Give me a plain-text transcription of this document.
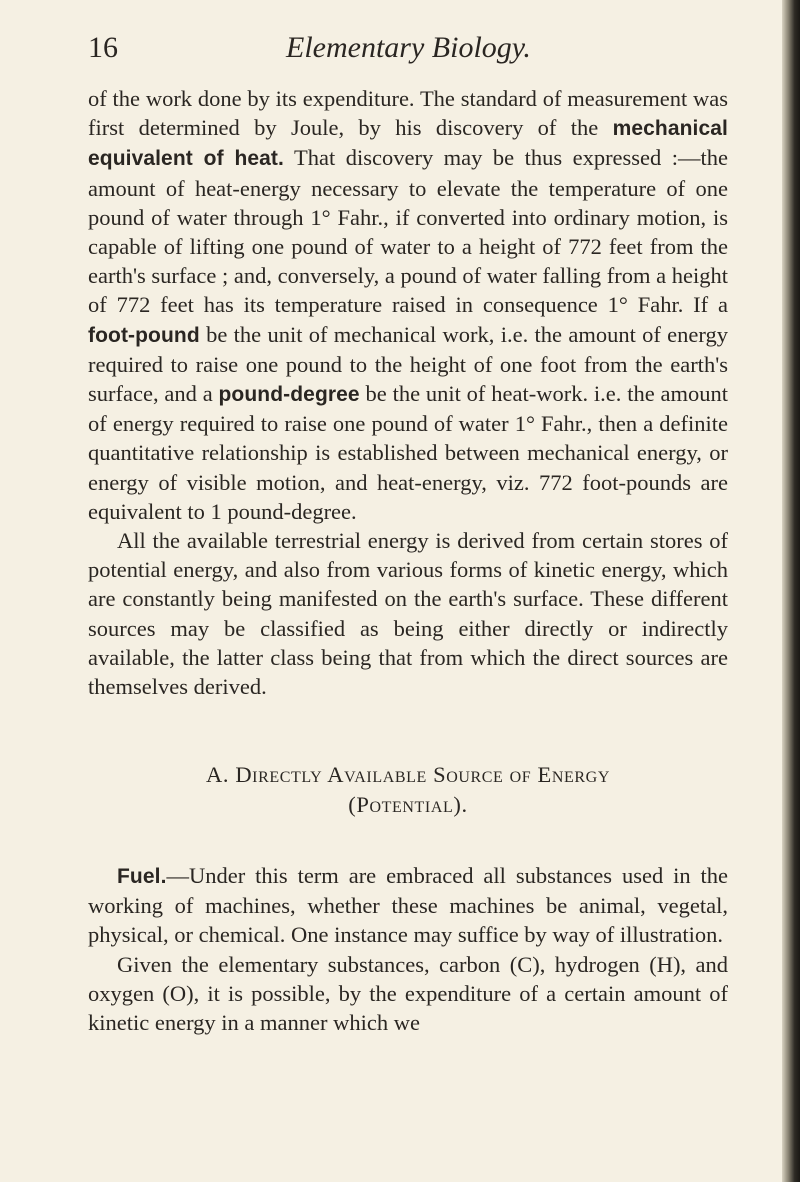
16	Elementary Biology.

of the work done by its expenditure. The standard of measurement was first determined by Joule, by his discovery of the mechanical equivalent of heat. That discovery may be thus expressed :—the amount of heat-energy necessary to elevate the temperature of one pound of water through 1° Fahr., if converted into ordinary motion, is capable of lifting one pound of water to a height of 772 feet from the earth's surface ; and, conversely, a pound of water falling from a height of 772 feet has its temperature raised in consequence 1° Fahr. If a foot-pound be the unit of mechanical work, i.e. the amount of energy required to raise one pound to the height of one foot from the earth's surface, and a pound-degree be the unit of heat-work. i.e. the amount of energy required to raise one pound of water 1° Fahr., then a definite quantitative relationship is established between mechanical energy, or energy of visible motion, and heat-energy, viz. 772 foot-pounds are equivalent to 1 pound-degree.

All the available terrestrial energy is derived from certain stores of potential energy, and also from various forms of kinetic energy, which are constantly being manifested on the earth's surface. These different sources may be classified as being either directly or indirectly available, the latter class being that from which the direct sources are themselves derived.

A. Directly Available Source of Energy
(Potential).

Fuel.—Under this term are embraced all substances used in the working of machines, whether these machines be animal, vegetal, physical, or chemical. One instance may suffice by way of illustration.

Given the elementary substances, carbon (C), hydrogen (H), and oxygen (O), it is possible, by the expenditure of a certain amount of kinetic energy in a manner which we
